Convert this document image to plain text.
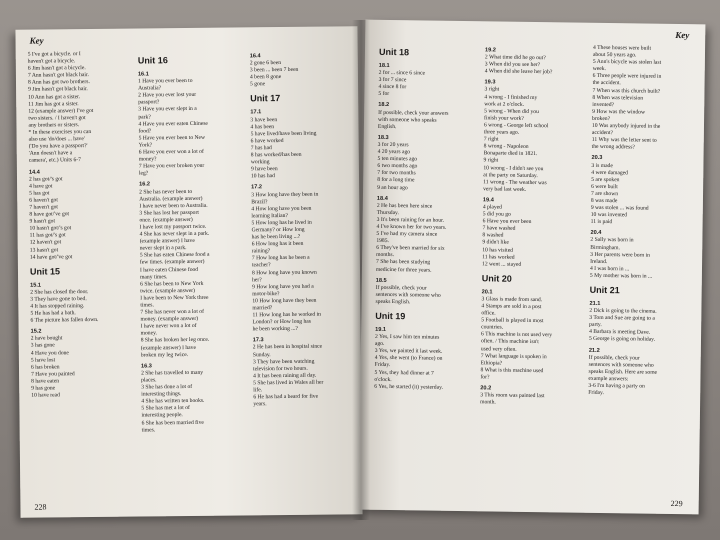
Key
5 I've got a bicycle. or I
haven't got a bicycle.
6 Jim hasn't got a bicycle.
7 Ann hasn't got black hair.
8 Ann has got two brothers.
9 Jim hasn't got black hair.
10 Ann has got a sister.
11 Jim has got a sister.
12 (example answer) I've got
two sisters. / I haven't got
any brothers or sisters.
* In these exercises you can
also use 'do/does ... have'
('Do you have a passport?'
'Ann doesn't have a
camera', etc.) Units 6-7
14.4
2 has got/'s got
4 have got
5 has got
6 haven't got
7 haven't got
8 have got/'ve got
9 hasn't got
10 hasn't got/'s got
11 has got/'s got
12 haven't got
13 hasn't got
14 have got/'ve got
Unit 15
15.1
2 She has closed the door.
3 They have gone to bed.
4 It has stopped raining.
5 He has had a bath.
6 The picture has fallen down.
15.2
2 have bought
3 has gone
4 Have you done
5 have lost
6 has broken
7 Have you painted
8 have eaten
9 has gone
10 have read
Unit 16
16.1
1 Have you ever been to
Australia?
2 Have you ever lost your
passport?
3 Have you ever slept in a
park?
4 Have you ever eaten Chinese
food?
5 Have you ever been to New
York?
6 Have you ever won a lot of
money?
7 Have you ever broken your
leg?
16.2
2 She has never been to
Australia. (example answer)
I have never been to Australia.
3 She has lost her passport
once. (example answer)
I have lost my passport twice.
4 She has never slept in a park.
(example answer) I have
never slept in a park.
5 She has eaten Chinese food a
few times. (example answer)
I have eaten Chinese food
many times.
6 She has been to New York
twice. (example answer)
I have been to New York three
times.
7 She has never won a lot of
money. (example answer)
I have never won a lot of
money.
8 She has broken her leg once.
(example answer) I have
broken my leg twice.
16.3
2 She has travelled to many
places.
3 She has done a lot of
interesting things.
4 She has written ten books.
5 She has met a lot of
interesting people.
6 She has been married five
times.
16.4
2 gone 6 been
3 been ... been 7 been
4 been 8 gone
5 gone
Unit 17
17.1
3 have been
4 has been
5 have lived/have been living
6 have worked
7 has had
8 has worked/has been
working
9 have been
10 has had
17.2
3 How long have they been in
Brazil?
4 How long have you been
learning Italian?
5 How long has he lived in
Germany? or How long
has he been living ...?
6 How long has it been
raining?
7 How long has he been a
teacher?
8 How long have you known
her?
9 How long have you had a
motor-bike?
10 How long have they been
married?
11 How long has he worked in
London? or How long has
he been working ...?
17.3
2 He has been in hospital since
Sunday.
3 They have been watching
television for two hours.
4 It has been raining all day.
5 She has lived in Wales all her
life.
6 He has had a beard for five
years.
228
Key
Unit 18
18.1
2 for ... since 6 since
3 for 7 since
4 since 8 for
5 for
18.2
If possible, check your answers
with someone who speaks
English.
18.3
3 for 20 years
4 20 years ago
5 ten minutes ago
6 two months ago
7 for two months
8 for a long time
9 an hour ago
18.4
2 He has been here since
Thursday.
3 It's been raining for an hour.
4 I've known her for two years.
5 I've had my camera since
1985.
6 They've been married for six
months.
7 She has been studying
medicine for three years.
18.5
If possible, check your
sentences with someone who
speaks English.
Unit 19
19.1
2 Yes, I saw him ten minutes
ago.
3 Yes, we painted it last week.
4 Yes, she went (to France) on
Friday.
5 Yes, they had dinner at 7
o'clock.
6 Yes, he started (it) yesterday.
19.2
2 What time did he go out?
3 When did you see her?
4 When did she leave her job?
19.3
3 right
4 wrong - I finished my
work at 2 o'clock.
5 wrong - When did you
finish your work?
6 wrong - George left school
three years ago.
7 right
8 wrong - Napoleon
Bonaparte died in 1821.
9 right
10 wrong - I didn't see you
at the party on Saturday.
11 wrong - The weather was
very bad last week.
19.4
4 played
5 did you go
6 Have you ever been
7 have washed
8 washed
9 didn't like
10 has visited
11 has worked
12 went ... stayed
Unit 20
20.1
3 Glass is made from sand.
4 Stamps are sold in a post
office.
5 Football is played in most
countries.
6 This machine is not used very
often. / This machine isn't
used very often.
7 What language is spoken in
Ethiopia?
8 What is this machine used
for?
20.2
3 This room was painted last
month.
4 These houses were built
about 50 years ago.
5 Ann's bicycle was stolen last
week.
6 Three people were injured in
the accident.
7 When was this church built?
8 When was television
invented?
9 How was the window
broken?
10 Was anybody injured in the
accident?
11 Why was the letter sent to
the wrong address?
20.3
3 is made
4 were damaged
5 are spoken
6 were built
7 are shown
8 was made
9 was stolen ... was found
10 was invented
11 is paid
20.4
2 Sally was born in
Birmingham.
3 Her parents were born in
Ireland.
4 I was born in ...
5 My mother was born in ...
Unit 21
21.1
2 Dick is going to the cinema.
3 Tom and Sue are going to a
party.
4 Barbara is meeting Dave.
5 George is going on holiday.
21.2
If possible, check your
sentences with someone who
speaks English. Here are some
example answers:
3-6 I'm having a party on
Friday.
229
